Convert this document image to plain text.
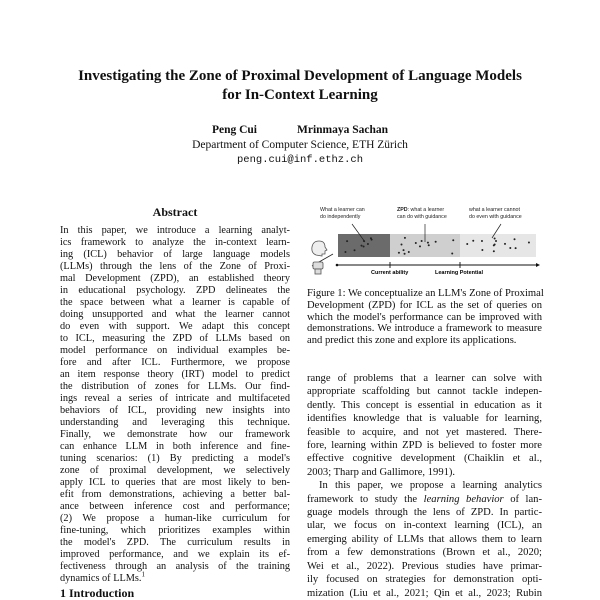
Investigating the Zone of Proximal Development of Language Models
for In-Context Learning
Peng Cui	Mrinmaya Sachan
Department of Computer Science, ETH Zürich
peng.cui@inf.ethz.ch
Abstract
In this paper, we introduce a learning analyt-
ics framework to analyze the in-context learn-
ing (ICL) behavior of large language models
(LLMs) through the lens of the Zone of Proxi-
mal Development (ZPD), an established theory
in educational psychology. ZPD delineates the
the space between what a learner is capable of
doing unsupported and what the learner cannot
do even with support. We adapt this concept
to ICL, measuring the ZPD of LLMs based on
model performance on individual examples be-
fore and after ICL. Furthermore, we propose
an item response theory (IRT) model to predict
the distribution of zones for LLMs. Our find-
ings reveal a series of intricate and multifaceted
behaviors of ICL, providing new insights into
understanding and leveraging this technique.
Finally, we demonstrate how our framework
can enhance LLM in both inference and fine-
tuning scenarios: (1) By predicting a model's
zone of proximal development, we selectively
apply ICL to queries that are most likely to ben-
efit from demonstrations, achieving a better bal-
ance between inference cost and performance;
(2) We propose a human-like curriculum for
fine-tuning, which prioritizes examples within
the model's ZPD. The curriculum results in
improved performance, and we explain its ef-
fectiveness through an analysis of the training
dynamics of LLMs.$^1$
1 Introduction
What a learner can do independently
ZPD: what a learner can do with guidance
what a learner cannot do even with guidance
Current ability	Learning Potential
Figure 1: We conceptualize an LLM's Zone of Proximal
Development (ZPD) for ICL as the set of queries on
which the model's performance can be improved with
demonstrations. We introduce a framework to measure
and predict this zone and explore its applications.
range of problems that a learner can solve with
appropriate scaffolding but cannot tackle indepen-
dently. This concept is essential in education as it
identifies knowledge that is valuable for learning,
feasible to acquire, and not yet mastered. There-
fore, learning within ZPD is believed to foster more
effective cognitive development (Chaiklin et al.,
2003; Tharp and Gallimore, 1991).
In this paper, we propose a learning analytics
framework to study the learning behavior of lan-
guage models through the lens of ZPD. In partic-
ular, we focus on in-context learning (ICL), an
emerging ability of LLMs that allows them to learn
from a few demonstrations (Brown et al., 2020;
Wei et al., 2022). Previous studies have primar-
ily focused on strategies for demonstration opti-
mization (Liu et al., 2021; Qin et al., 2023; Rubin
